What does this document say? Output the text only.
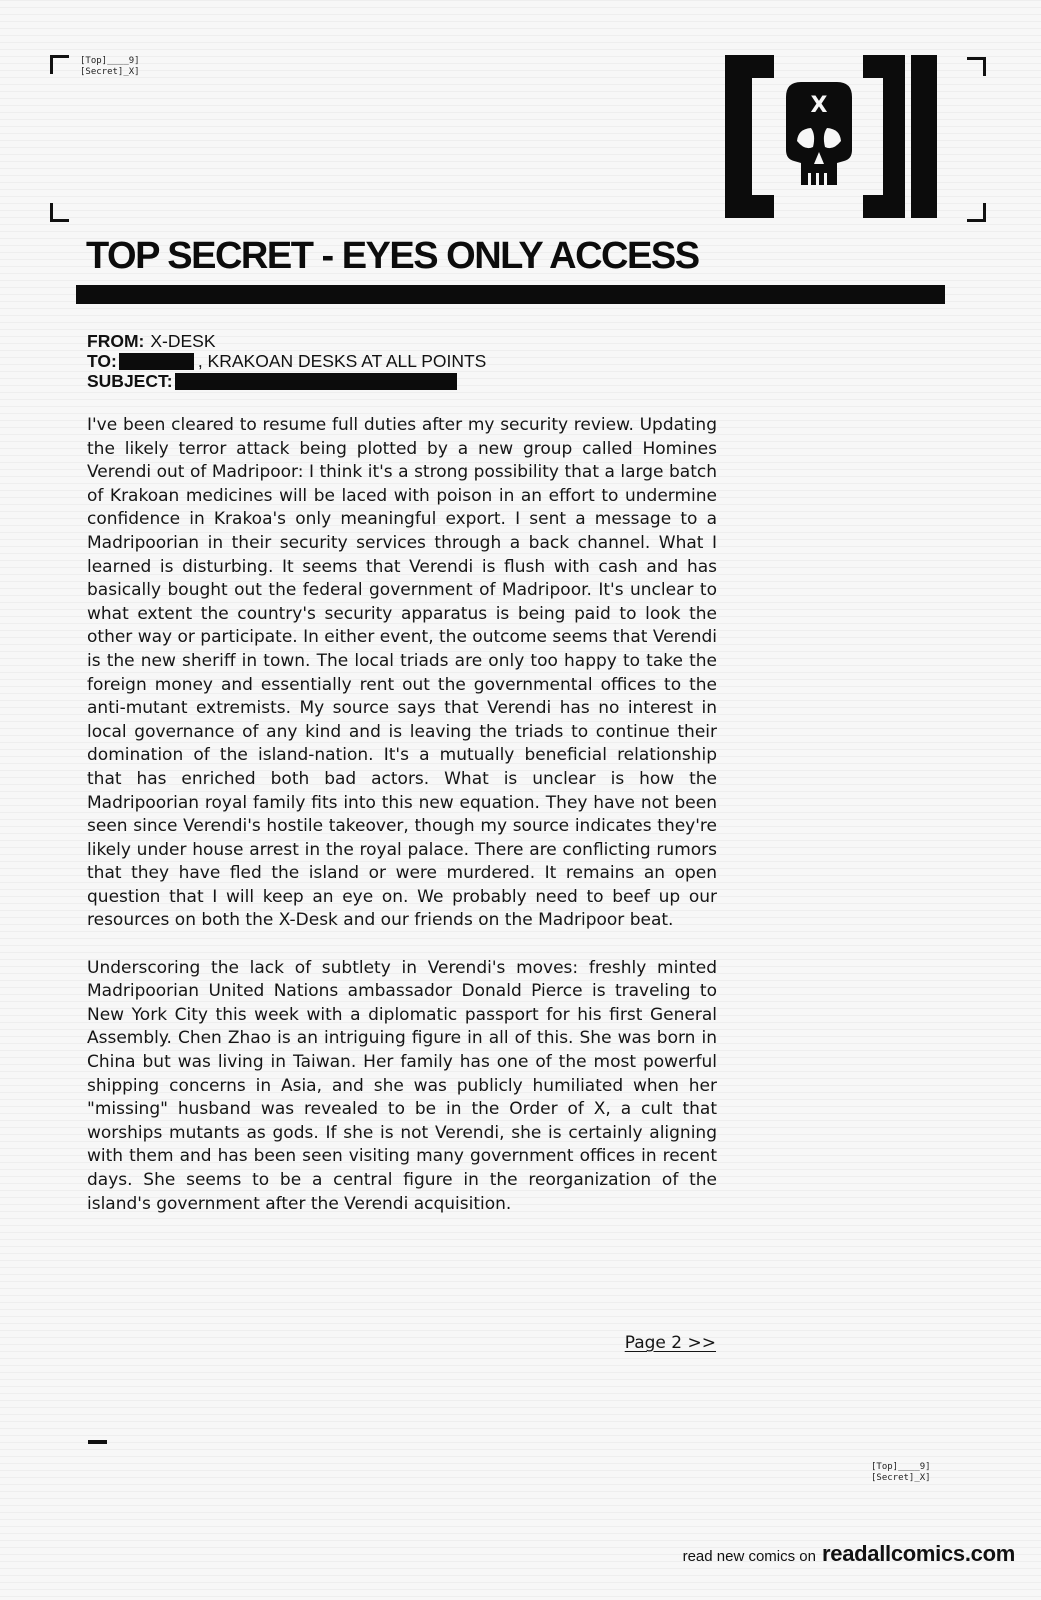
[Top]____9]
[Secret]_X]
X
TOP SECRET - EYES ONLY ACCESS
FROM: X-DESK
TO:	, KRAKOAN DESKS AT ALL POINTS
SUBJECT:

I've been cleared to resume full duties after my security review. Updating the likely terror attack being plotted by a new group called Homines Verendi out of Madripoor: I think it's a strong possibility that a large batch of Krakoan medicines will be laced with poison in an effort to undermine confidence in Krakoa's only meaningful export. I sent a message to a Madripoorian in their security services through a back channel. What I learned is disturbing. It seems that Verendi is flush with cash and has basically bought out the federal government of Madripoor. It's unclear to what extent the country's security apparatus is being paid to look the other way or participate. In either event, the outcome seems that Verendi is the new sheriff in town. The local triads are only too happy to take the foreign money and essentially rent out the governmental offices to the anti-mutant extremists. My source says that Verendi has no interest in local governance of any kind and is leaving the triads to continue their domination of the island-nation. It's a mutually beneficial relationship that has enriched both bad actors. What is unclear is how the Madripoorian royal family fits into this new equation. They have not been seen since Verendi's hostile takeover, though my source indicates they're likely under house arrest in the royal palace. There are conflicting rumors that they have fled the island or were murdered. It remains an open question that I will keep an eye on. We probably need to beef up our resources on both the X-Desk and our friends on the Madripoor beat.

Underscoring the lack of subtlety in Verendi's moves: freshly minted Madripoorian United Nations ambassador Donald Pierce is traveling to New York City this week with a diplomatic passport for his first General Assembly. Chen Zhao is an intriguing figure in all of this. She was born in China but was living in Taiwan. Her family has one of the most powerful shipping concerns in Asia, and she was publicly humiliated when her "missing" husband was revealed to be in the Order of X, a cult that worships mutants as gods. If she is not Verendi, she is certainly aligning with them and has been seen visiting many government offices in recent days. She seems to be a central figure in the reorganization of the island's government after the Verendi acquisition.

Page 2 >>
[Top]____9]
[Secret]_X]
read new comics on readallcomics.com
